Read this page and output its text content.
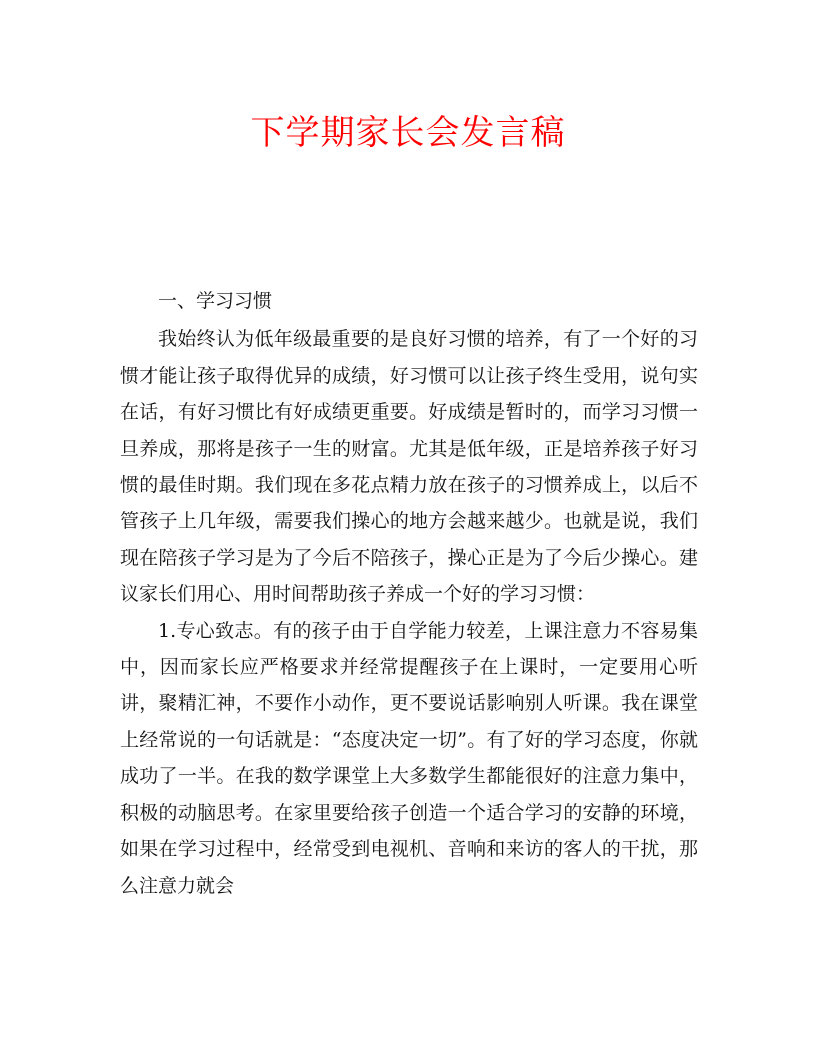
下学期家长会发言稿

一、学习习惯

我始终认为低年级最重要的是良好习惯的培养，有了一个好的习惯才能让孩子取得优异的成绩，好习惯可以让孩子终生受用，说句实在话，有好习惯比有好成绩更重要。好成绩是暂时的，而学习习惯一旦养成，那将是孩子一生的财富。尤其是低年级，正是培养孩子好习惯的最佳时期。我们现在多花点精力放在孩子的习惯养成上，以后不管孩子上几年级，需要我们操心的地方会越来越少。也就是说，我们现在陪孩子学习是为了今后不陪孩子，操心正是为了今后少操心。建议家长们用心、用时间帮助孩子养成一个好的学习习惯：

1.专心致志。有的孩子由于自学能力较差，上课注意力不容易集中，因而家长应严格要求并经常提醒孩子在上课时，一定要用心听讲，聚精汇神，不要作小动作，更不要说话影响别人听课。我在课堂上经常说的一句话就是：“态度决定一切”。有了好的学习态度，你就成功了一半。在我的数学课堂上大多数学生都能很好的注意力集中，积极的动脑思考。在家里要给孩子创造一个适合学习的安静的环境，如果在学习过程中，经常受到电视机、音响和来访的客人的干扰，那么注意力就会
